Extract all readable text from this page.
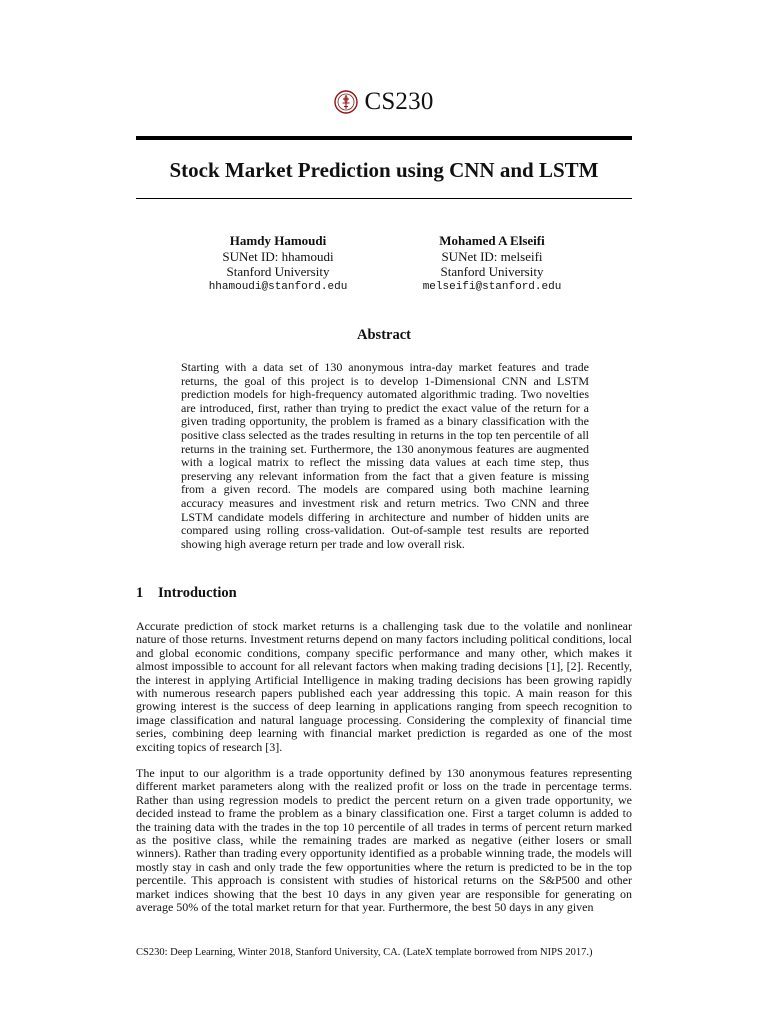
CS230
Stock Market Prediction using CNN and LSTM
Hamdy Hamoudi
SUNet ID: hhamoudi
Stanford University
hhamoudi@stanford.edu
Mohamed A Elseifi
SUNet ID: melseifi
Stanford University
melseifi@stanford.edu
Abstract

Starting with a data set of 130 anonymous intra-day market features and trade returns, the goal of this project is to develop 1-Dimensional CNN and LSTM prediction models for high-frequency automated algorithmic trading. Two novelties are introduced, first, rather than trying to predict the exact value of the return for a given trading opportunity, the problem is framed as a binary classification with the positive class selected as the trades resulting in returns in the top ten percentile of all returns in the training set. Furthermore, the 130 anonymous features are augmented with a logical matrix to reflect the missing data values at each time step, thus preserving any relevant information from the fact that a given feature is missing from a given record. The models are compared using both machine learning accuracy measures and investment risk and return metrics. Two CNN and three LSTM candidate models differing in architecture and number of hidden units are compared using rolling cross-validation. Out-of-sample test results are reported showing high average return per trade and low overall risk.

1 Introduction

Accurate prediction of stock market returns is a challenging task due to the volatile and nonlinear nature of those returns. Investment returns depend on many factors including political conditions, local and global economic conditions, company specific performance and many other, which makes it almost impossible to account for all relevant factors when making trading decisions [1], [2]. Recently, the interest in applying Artificial Intelligence in making trading decisions has been growing rapidly with numerous research papers published each year addressing this topic. A main reason for this growing interest is the success of deep learning in applications ranging from speech recognition to image classification and natural language processing. Considering the complexity of financial time series, combining deep learning with financial market prediction is regarded as one of the most exciting topics of research [3].

The input to our algorithm is a trade opportunity defined by 130 anonymous features representing different market parameters along with the realized profit or loss on the trade in percentage terms. Rather than using regression models to predict the percent return on a given trade opportunity, we decided instead to frame the problem as a binary classification one. First a target column is added to the training data with the trades in the top 10 percentile of all trades in terms of percent return marked as the positive class, while the remaining trades are marked as negative (either losers or small winners). Rather than trading every opportunity identified as a probable winning trade, the models will mostly stay in cash and only trade the few opportunities where the return is predicted to be in the top percentile. This approach is consistent with studies of historical returns on the S&P500 and other market indices showing that the best 10 days in any given year are responsible for generating on average 50% of the total market return for that year. Furthermore, the best 50 days in any given

CS230: Deep Learning, Winter 2018, Stanford University, CA. (LateX template borrowed from NIPS 2017.)
